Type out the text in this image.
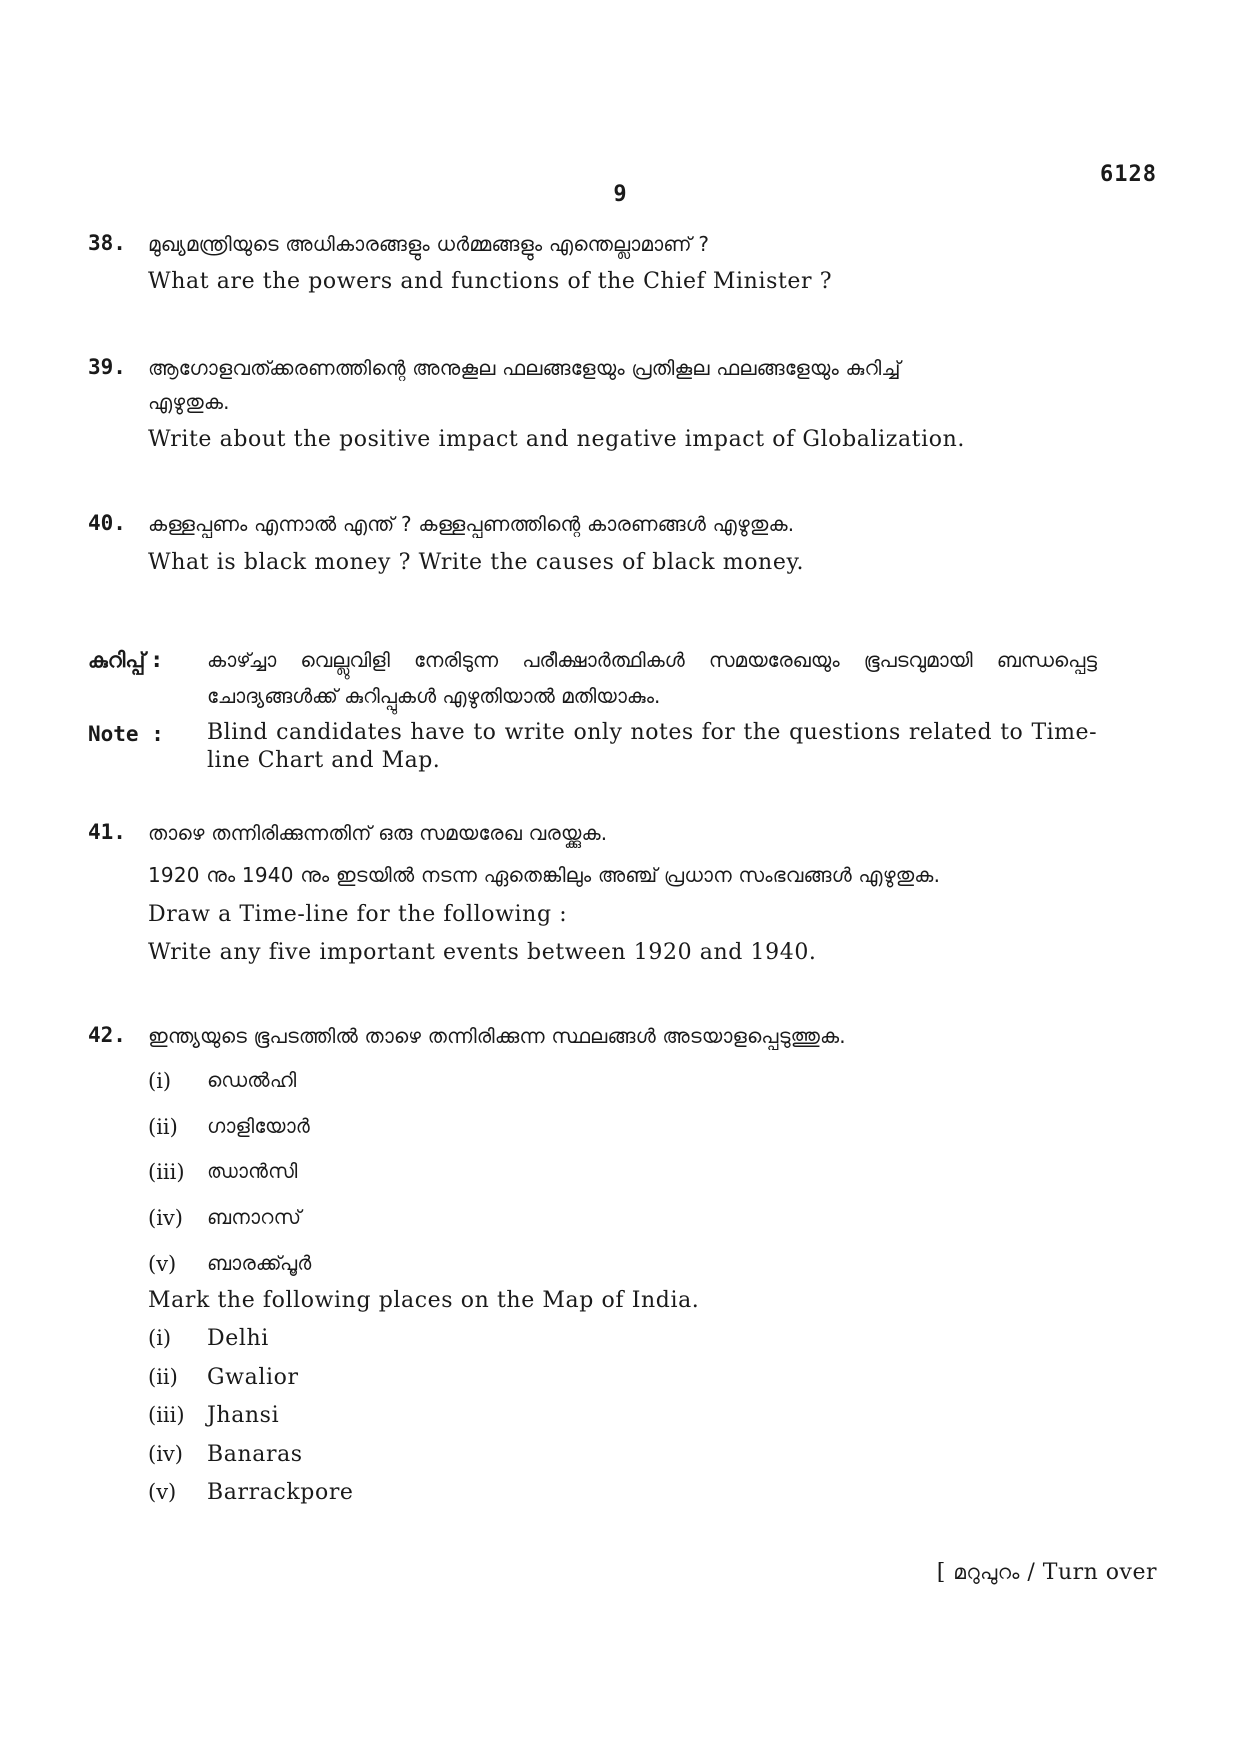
6128
9
38. മുഖ്യമന്ത്രിയുടെ അധികാരങ്ങളും ധർമ്മങ്ങളും എന്തെല്ലാമാണ് ?
What are the powers and functions of the Chief Minister ?
39. ആഗോളവത്ക്കരണത്തിന്റെ അനുകൂല ഫലങ്ങളേയും പ്രതികൂല ഫലങ്ങളേയും കുറിച്ച്
എഴുതുക.
Write about the positive impact and negative impact of Globalization.
40. കള്ളപ്പണം എന്നാൽ എന്ത് ? കള്ളപ്പണത്തിന്റെ കാരണങ്ങൾ എഴുതുക.
What is black money ? Write the causes of black money.
കുറിപ്പ് : കാഴ്ച്ചാ വെല്ലുവിളി നേരിടുന്ന പരീക്ഷാർത്ഥികൾ സമയരേഖയും ഭൂപടവുമായി ബന്ധപ്പെട്ട ചോദ്യങ്ങൾക്ക് കുറിപ്പുകൾ എഴുതിയാൽ മതിയാകും.
Note : Blind candidates have to write only notes for the questions related to Time-line Chart and Map.
41. താഴെ തന്നിരിക്കുന്നതിന് ഒരു സമയരേഖ വരയ്ക്കുക.
1920 നും 1940 നും ഇടയിൽ നടന്ന ഏതെങ്കിലും അഞ്ച് പ്രധാന സംഭവങ്ങൾ എഴുതുക.
Draw a Time-line for the following :
Write any five important events between 1920 and 1940.
42. ഇന്ത്യയുടെ ഭൂപടത്തിൽ താഴെ തന്നിരിക്കുന്ന സ്ഥലങ്ങൾ അടയാളപ്പെടുത്തുക.
(i) ഡെൽഹി
(ii) ഗാളിയോർ
(iii) ഝാൻസി
(iv) ബനാറസ്
(v) ബാരക്ക്പൂർ
Mark the following places on the Map of India.
(i) Delhi
(ii) Gwalior
(iii) Jhansi
(iv) Banaras
(v) Barrackpore
[ മറുപുറം / Turn over
